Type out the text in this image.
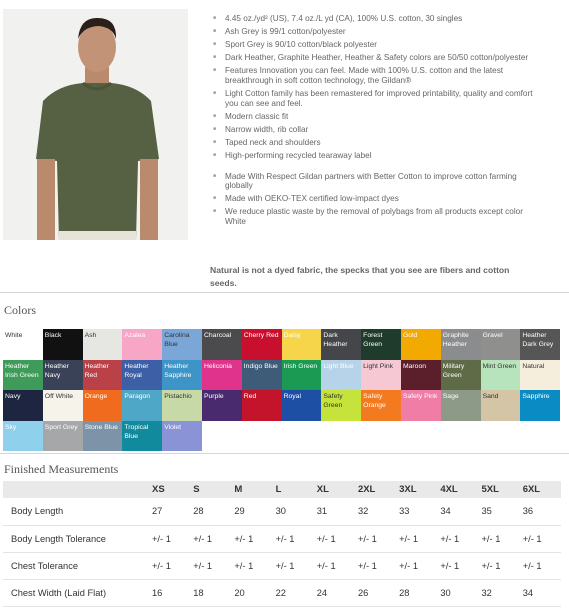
■ 4.45 oz./yd² (US), 7.4 oz./L yd (CA), 100% U.S. cotton, 30 singles
■ Ash Grey is 99/1 cotton/polyester
■ Sport Grey is 90/10 cotton/black polyester
■ Dark Heather, Graphite Heather, Heather & Safety colors are 50/50 cotton/polyester
■ Features Innovation you can feel. Made with 100% U.S. cotton and the latest breakthrough in soft cotton technology, the Gildan®
■ Light Cotton family has been remastered for improved printability, quality and comfort you can see and feel.
■ Modern classic fit
■ Narrow width, rib collar
■ Taped neck and shoulders
■ High-performing recycled tearaway label
■ Made With Respect Gildan partners with Better Cotton to improve cotton farming globally
■ Made with OEKO-TEX certified low-impact dyes
■ We reduce plastic waste by the removal of polybags from all products except color White
Natural is not a dyed fabric, the specks that you see are fibers and cotton seeds.
Colors
White	Black	Ash	Azalea	Carolina Blue
Charcoal	Cherry Red Daisy	Dark Heather
Forest Green
Gold	Graphite Heather
Gravel	Heather Dark Grey
Heather Irish Green
Heather Navy
Heather Red
Heather Royal
Heather Sapphire
Heliconia	Indigo Blue Irish Green Light Blue	Light Pink	Maroon	Military Green
Mint Green Natural
Navy	Off White	Orange	Paragon	Pistachio	Purple	Red	Royal	Safety Green
Safety Orange
Safety Pink Sage	Sand	Sapphire
Sky	Sport Grey	Stone Blue Tropical Blue
Violet
Finished Measurements
	XS	S	M	L	XL	2XL	3XL	4XL	5XL	6XL
Body Length	27	28	29	30	31	32	33	34	35	36
Body Length Tolerance	+/- 1	+/- 1	+/- 1	+/- 1	+/- 1	+/- 1	+/- 1	+/- 1	+/- 1	+/- 1
Chest Tolerance	+/- 1	+/- 1	+/- 1	+/- 1	+/- 1	+/- 1	+/- 1	+/- 1	+/- 1	+/- 1
Chest Width (Laid Flat)	16	18	20	22	24	26	28	30	32	34
